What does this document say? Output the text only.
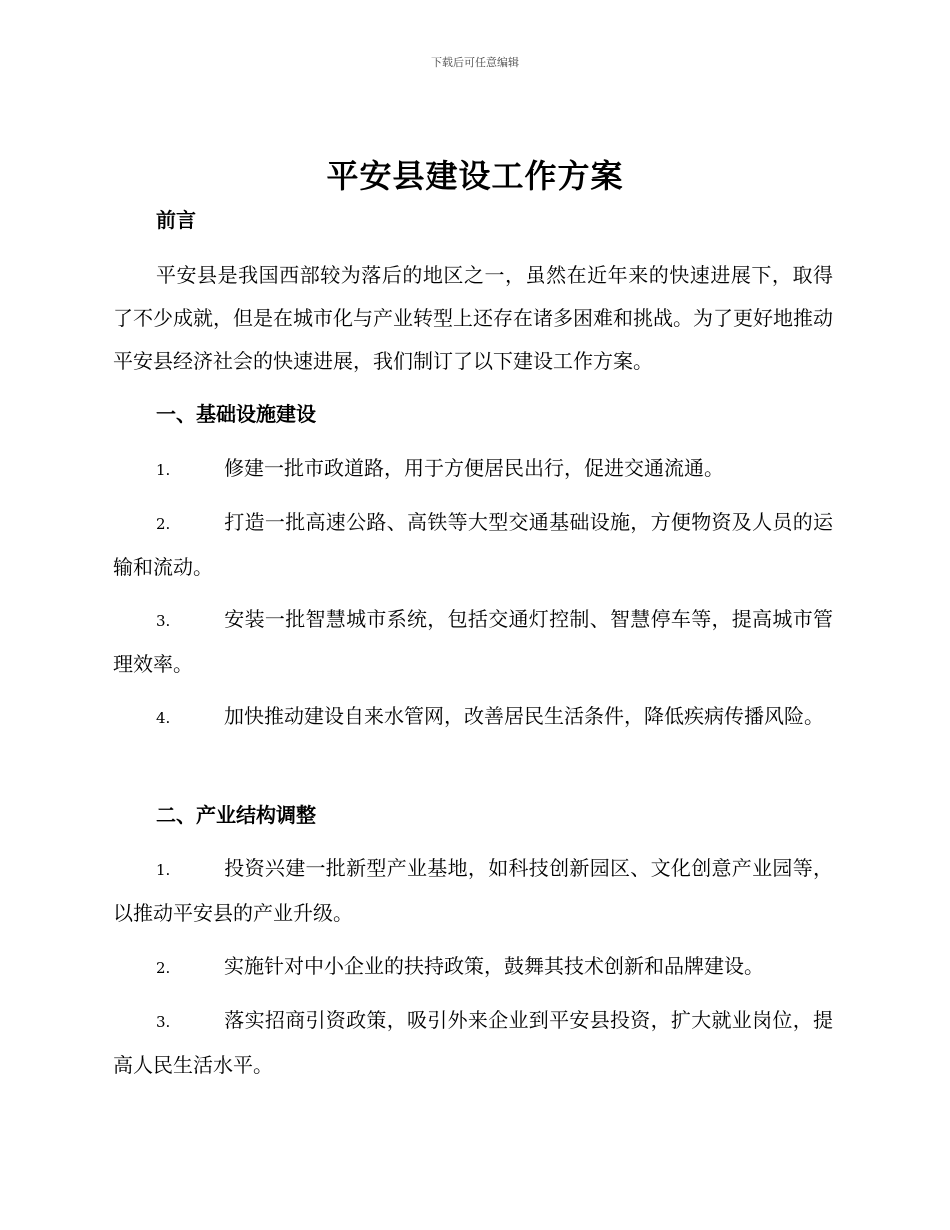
下载后可任意编辑
平安县建设工作方案
前言
平安县是我国西部较为落后的地区之一，虽然在近年来的快速进展下，取得了不少成就，但是在城市化与产业转型上还存在诸多困难和挑战。为了更好地推动平安县经济社会的快速进展，我们制订了以下建设工作方案。
一、基础设施建设
1.	修建一批市政道路，用于方便居民出行，促进交通流通。
2.	打造一批高速公路、高铁等大型交通基础设施，方便物资及人员的运输和流动。
3.	安装一批智慧城市系统，包括交通灯控制、智慧停车等，提高城市管理效率。
4.	加快推动建设自来水管网，改善居民生活条件，降低疾病传播风险。
二、产业结构调整
1.	投资兴建一批新型产业基地，如科技创新园区、文化创意产业园等，以推动平安县的产业升级。
2.	实施针对中小企业的扶持政策，鼓舞其技术创新和品牌建设。
3.	落实招商引资政策，吸引外来企业到平安县投资，扩大就业岗位，提高人民生活水平。
